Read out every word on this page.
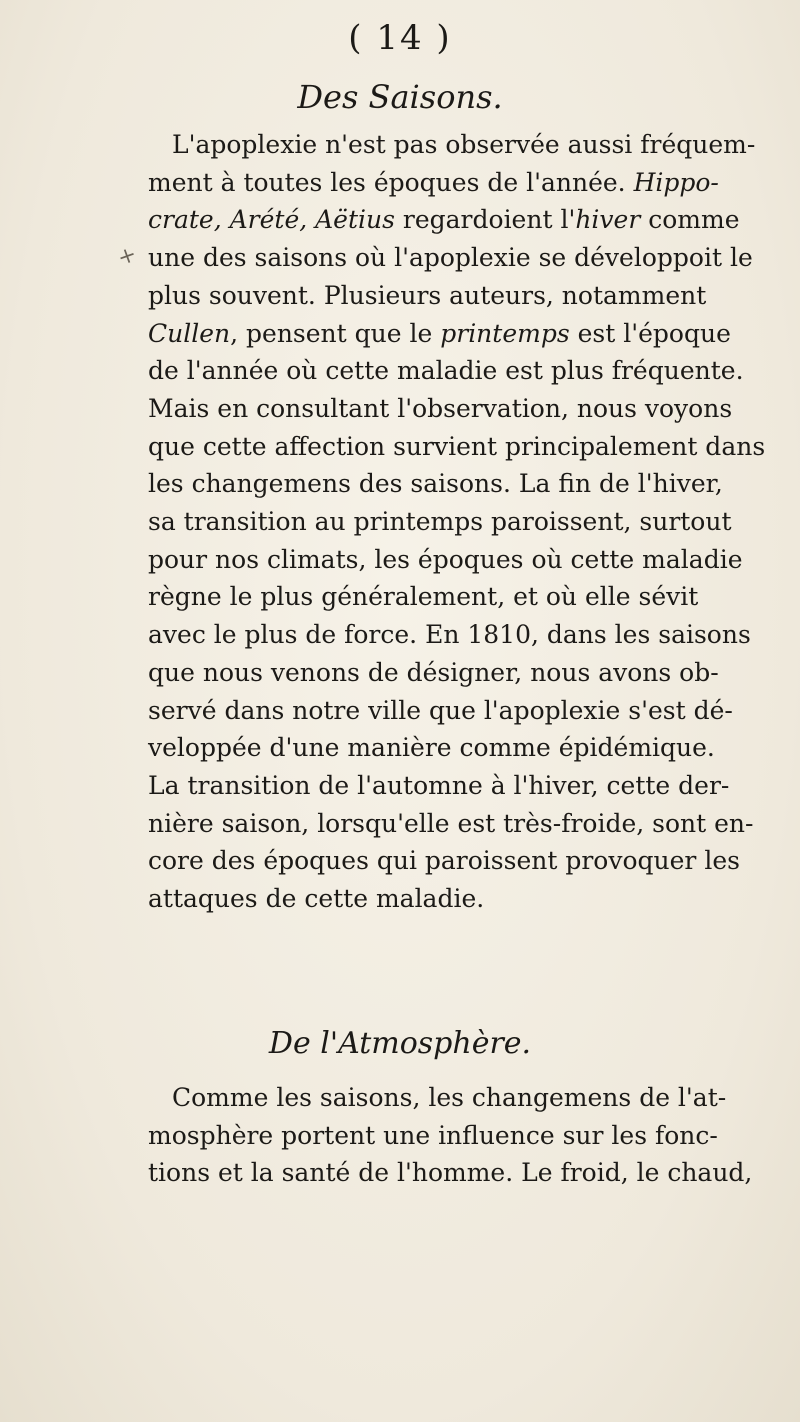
( 14 )
Des Saisons.
+
L'apoplexie n'est pas observée aussi fréquem-
ment à toutes les époques de l'année. Hippo-
crate, Arété, Aëtius regardoient l'hiver comme
une des saisons où l'apoplexie se développoit le
plus souvent. Plusieurs auteurs, notamment
Cullen, pensent que le printemps est l'époque
de l'année où cette maladie est plus fréquente.
Mais en consultant l'observation, nous voyons
que cette affection survient principalement dans
les changemens des saisons. La fin de l'hiver,
sa transition au printemps paroissent, surtout
pour nos climats, les époques où cette maladie
règne le plus généralement, et où elle sévit
avec le plus de force. En 1810, dans les saisons
que nous venons de désigner, nous avons ob-
servé dans notre ville que l'apoplexie s'est dé-
veloppée d'une manière comme épidémique.
La transition de l'automne à l'hiver, cette der-
nière saison, lorsqu'elle est très-froide, sont en-
core des époques qui paroissent provoquer les
attaques de cette maladie.
De l'Atmosphère.
Comme les saisons, les changemens de l'at-
mosphère portent une influence sur les fonc-
tions et la santé de l'homme. Le froid, le chaud,
